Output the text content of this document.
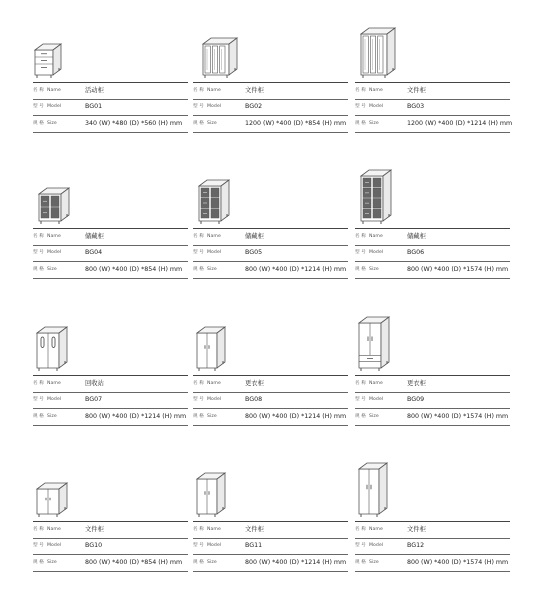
名 称 Name	活动柜
型 号 Model	BG01
规 格 Size	340 (W) *480 (D) *560 (H) mm
名 称 Name	文件柜
型 号 Model	BG02
规 格 Size	1200 (W) *400 (D) *854 (H) mm
名 称 Name	文件柜
型 号 Model	BG03
规 格 Size	1200 (W) *400 (D) *1214 (H) mm
名 称 Name	储藏柜
型 号 Model	BG04
规 格 Size	800 (W) *400 (D) *854 (H) mm
名 称 Name	储藏柜
型 号 Model	BG05
规 格 Size	800 (W) *400 (D) *1214 (H) mm
名 称 Name	储藏柜
型 号 Model	BG06
规 格 Size	800 (W) *400 (D) *1574 (H) mm
名 称 Name	回收站
型 号 Model	BG07
规 格 Size	800 (W) *400 (D) *1214 (H) mm
名 称 Name	更衣柜
型 号 Model	BG08
规 格 Size	800 (W) *400 (D) *1214 (H) mm
名 称 Name	更衣柜
型 号 Model	BG09
规 格 Size	800 (W) *400 (D) *1574 (H) mm
名 称 Name	文件柜
型 号 Model	BG10
规 格 Size	800 (W) *400 (D) *854 (H) mm
名 称 Name	文件柜
型 号 Model	BG11
规 格 Size	800 (W) *400 (D) *1214 (H) mm
名 称 Name	文件柜
型 号 Model	BG12
规 格 Size	800 (W) *400 (D) *1574 (H) mm
